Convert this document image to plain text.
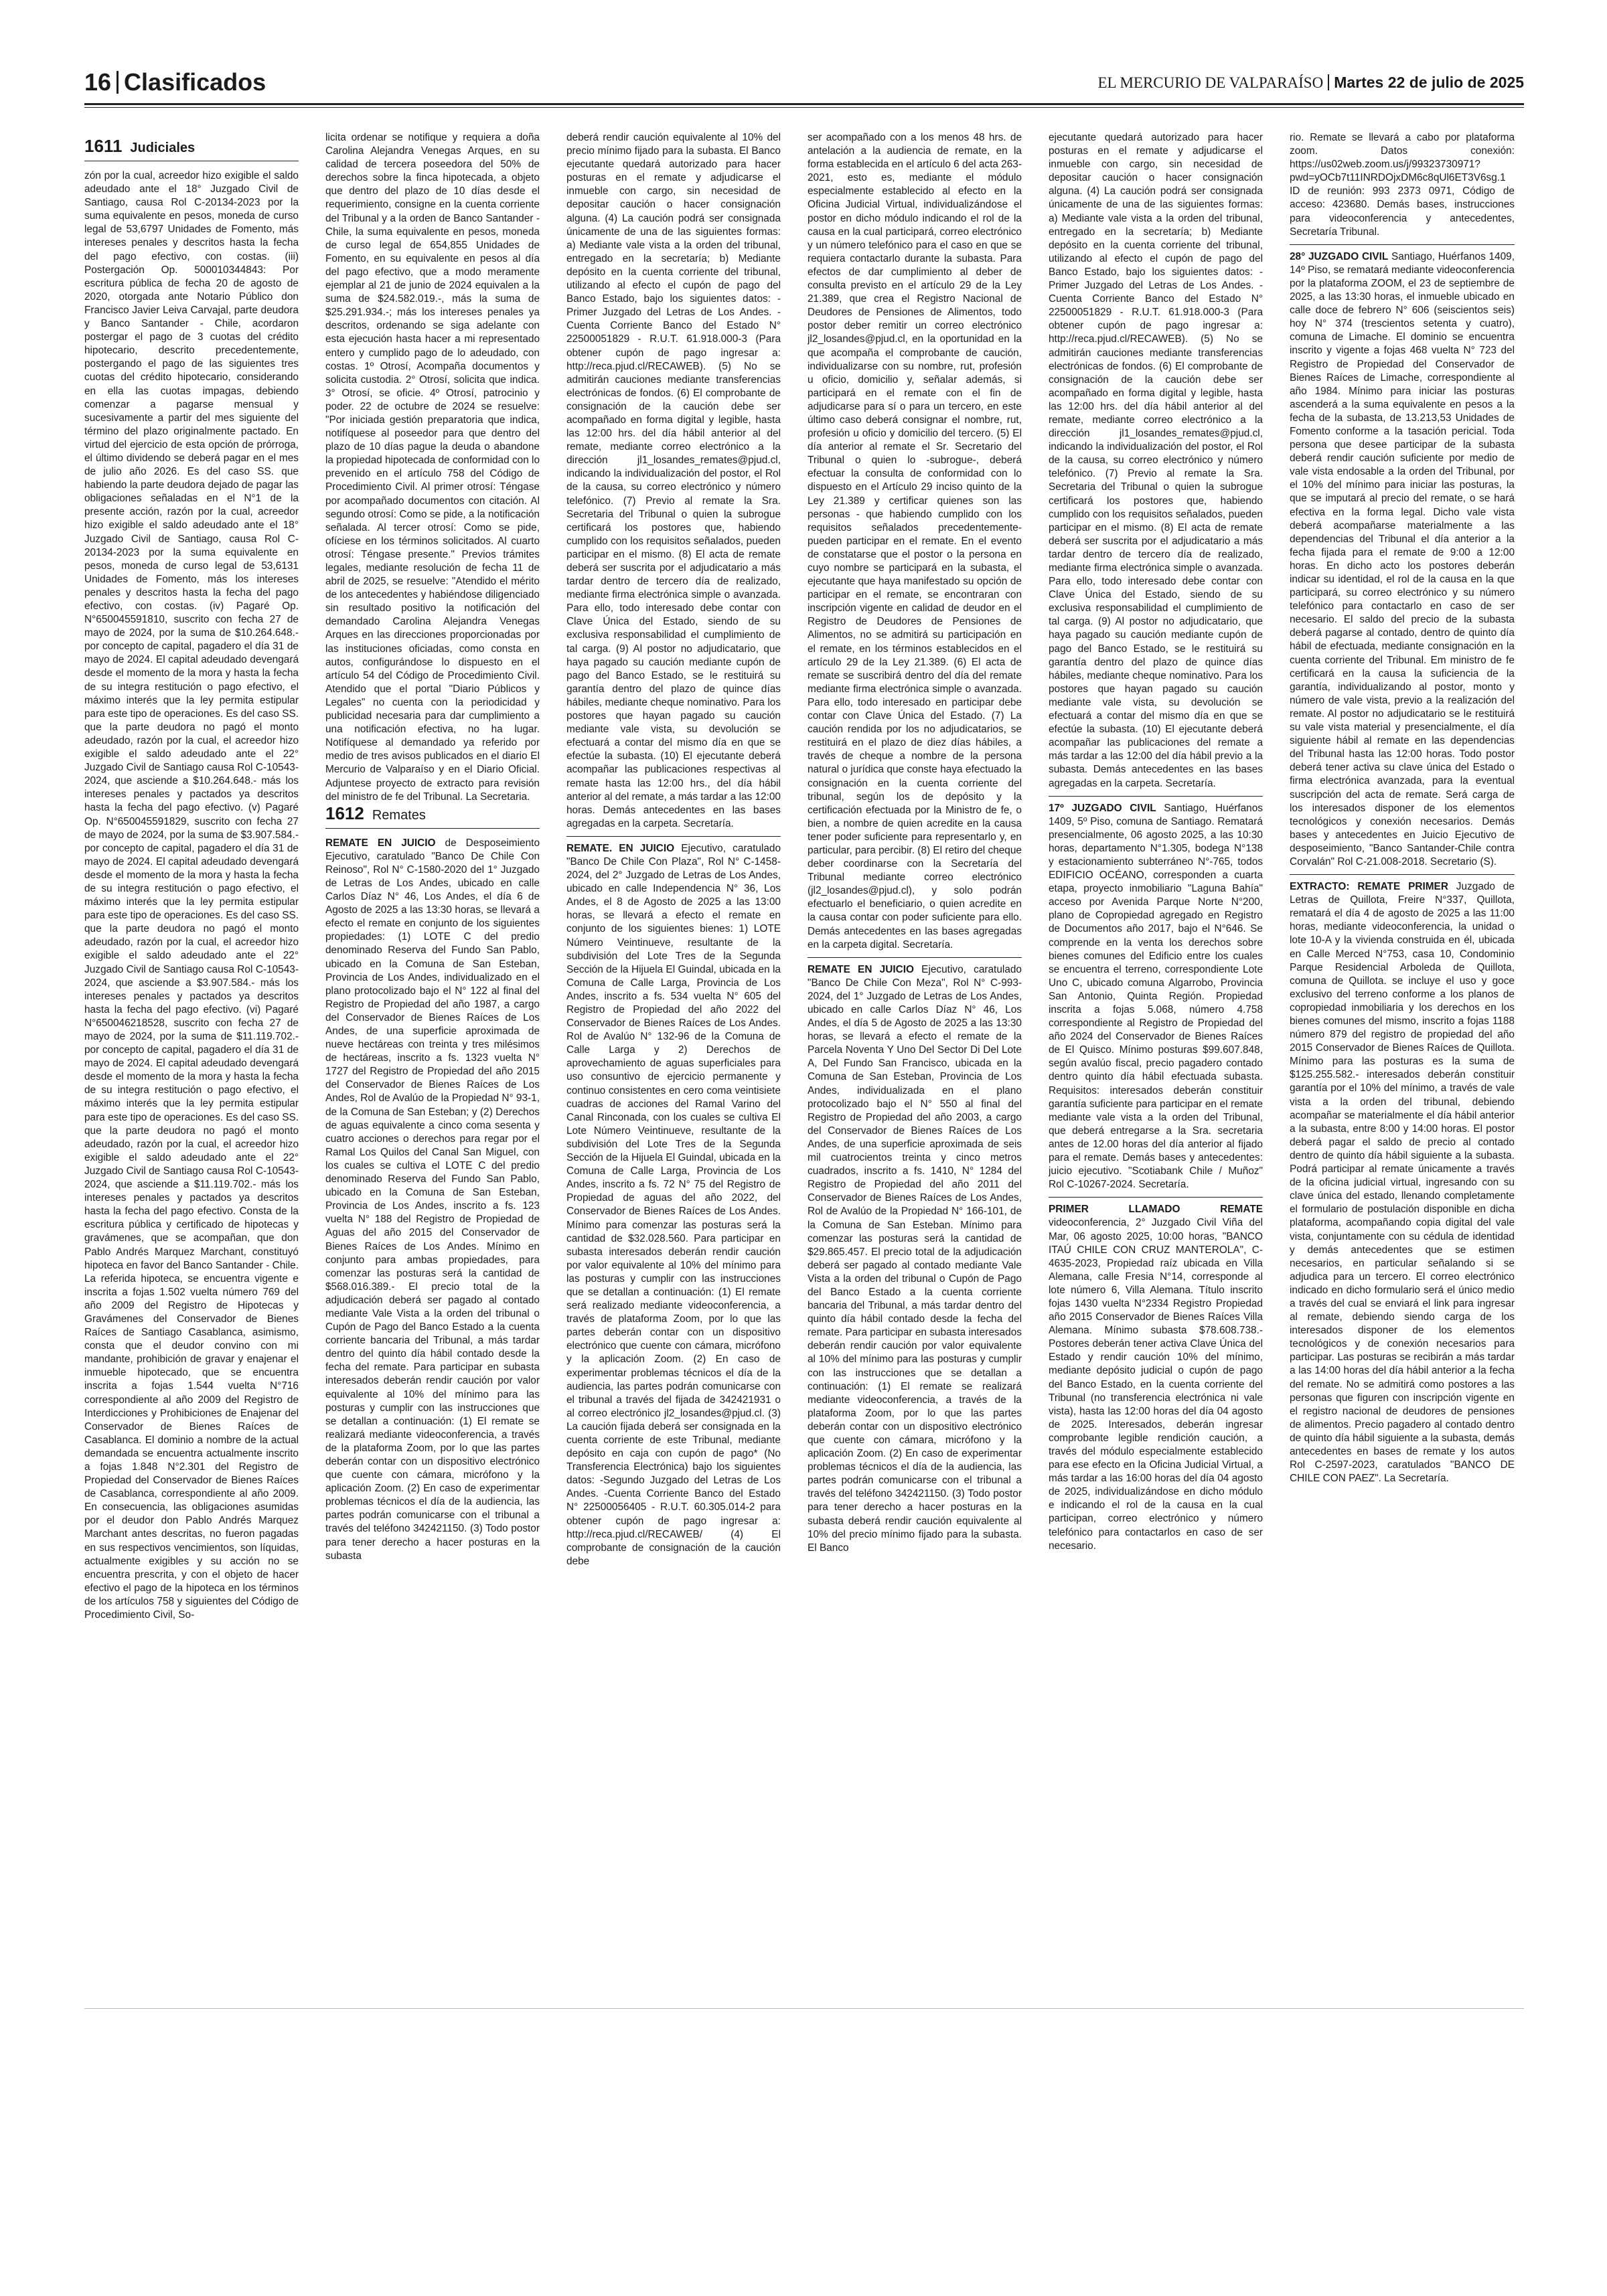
16 Clasificados	EL MERCURIO DE VALPARAÍSO Martes 22 de julio de 2025
1611 Judiciales

zón por la cual, acreedor hizo exigible el saldo adeudado ante el 18° Juzgado Civil de Santiago, causa Rol C-20134-2023 por la suma equivalente en pesos, moneda de curso legal de 53,6797 Unidades de Fomento, más intereses penales y descritos hasta la fecha del pago efectivo, con costas. (iii) Postergación Op. 500010344843: Por escritura pública de fecha 20 de agosto de 2020, otorgada ante Notario Público don Francisco Javier Leiva Carvajal, parte deudora y Banco Santander - Chile, acordaron postergar el pago de 3 cuotas del crédito hipotecario, descrito precedentemente, postergando el pago de las siguientes tres cuotas del crédito hipotecario, considerando en ella las cuotas impagas, debiendo comenzar a pagarse mensual y sucesivamente a partir del mes siguiente del término del plazo originalmente pactado. En virtud del ejercicio de esta opción de prórroga, el último dividendo se deberá pagar en el mes de julio año 2026. Es del caso SS. que habiendo la parte deudora dejado de pagar las obligaciones señaladas en el N°1 de la presente acción, razón por la cual, acreedor hizo exigible el saldo adeudado ante el 18° Juzgado Civil de Santiago, causa Rol C-20134-2023 por la suma equivalente en pesos, moneda de curso legal de 53,6131 Unidades de Fomento, más los intereses penales y descritos hasta la fecha del pago efectivo, con costas. (iv) Pagaré Op. N°650045591810, suscrito con fecha 27 de mayo de 2024, por la suma de $10.264.648.- por concepto de capital, pagadero el día 31 de mayo de 2024. El capital adeudado devengará desde el momento de la mora y hasta la fecha de su integra restitución o pago efectivo, el máximo interés que la ley permita estipular para este tipo de operaciones. Es del caso SS. que la parte deudora no pagó el monto adeudado, razón por la cual, el acreedor hizo exigible el saldo adeudado ante el 22° Juzgado Civil de Santiago causa Rol C-10543-2024, que asciende a $10.264.648.- más los intereses penales y pactados ya descritos hasta la fecha del pago efectivo. (v) Pagaré Op. N°650045591829, suscrito con fecha 27 de mayo de 2024, por la suma de $3.907.584.- por concepto de capital, pagadero el día 31 de mayo de 2024. El capital adeudado devengará desde el momento de la mora y hasta la fecha de su integra restitución o pago efectivo, el máximo interés que la ley permita estipular para este tipo de operaciones. Es del caso SS. que la parte deudora no pagó el monto adeudado, razón por la cual, el acreedor hizo exigible el saldo adeudado ante el 22° Juzgado Civil de Santiago causa Rol C-10543-2024, que asciende a $3.907.584.- más los intereses penales y pactados ya descritos hasta la fecha del pago efectivo. (vi) Pagaré N°650046218528, suscrito con fecha 27 de mayo de 2024, por la suma de $11.119.702.- por concepto de capital, pagadero el día 31 de mayo de 2024. El capital adeudado devengará desde el momento de la mora y hasta la fecha de su integra restitución o pago efectivo, el máximo interés que la ley permita estipular para este tipo de operaciones. Es del caso SS. que la parte deudora no pagó el monto adeudado, razón por la cual, el acreedor hizo exigible el saldo adeudado ante el 22° Juzgado Civil de Santiago causa Rol C-10543-2024, que asciende a $11.119.702.- más los intereses penales y pactados ya descritos hasta la fecha del pago efectivo. Consta de la escritura pública y certificado de hipotecas y gravámenes, que se acompañan, que don Pablo Andrés Marquez Marchant, constituyó hipoteca en favor del Banco Santander - Chile. La referida hipoteca, se encuentra vigente e inscrita a fojas 1.502 vuelta número 769 del año 2009 del Registro de Hipotecas y Gravámenes del Conservador de Bienes Raíces de Santiago Casablanca, asimismo, consta que el deudor convino con mi mandante, prohibición de gravar y enajenar el inmueble hipotecado, que se encuentra inscrita a fojas 1.544 vuelta N°716 correspondiente al año 2009 del Registro de Interdicciones y Prohibiciones de Enajenar del Conservador de Bienes Raíces de Casablanca. El dominio a nombre de la actual demandada se encuentra actualmente inscrito a fojas 1.848 N°2.301 del Registro de Propiedad del Conservador de Bienes Raíces de Casablanca, correspondiente al año 2009. En consecuencia, las obligaciones asumidas por el deudor don Pablo Andrés Marquez Marchant antes descritas, no fueron pagadas en sus respectivos vencimientos, son líquidas, actualmente exigibles y su acción no se encuentra prescrita, y con el objeto de hacer efectivo el pago de la hipoteca en los términos de los artículos 758 y siguientes del Código de Procedimiento Civil, So-

licita ordenar se notifique y requiera a doña Carolina Alejandra Venegas Arques, en su calidad de tercera poseedora del 50% de derechos sobre la finca hipotecada, a objeto que dentro del plazo de 10 días desde el requerimiento, consigne en la cuenta corriente del Tribunal y a la orden de Banco Santander - Chile, la suma equivalente en pesos, moneda de curso legal de 654,855 Unidades de Fomento, en su equivalente en pesos al día del pago efectivo, que a modo meramente ejemplar al 21 de junio de 2024 equivalen a la suma de $24.582.019.-, más la suma de $25.291.934.-; más los intereses penales ya descritos, ordenando se siga adelante con esta ejecución hasta hacer a mi representado entero y cumplido pago de lo adeudado, con costas. 1º Otrosí, Acompaña documentos y solicita custodia. 2° Otrosí, solicita que indica. 3° Otrosí, se oficie. 4º Otrosí, patrocinio y poder. 22 de octubre de 2024 se resuelve: "Por iniciada gestión preparatoria que indica, notifíquese al poseedor para que dentro del plazo de 10 días pague la deuda o abandone la propiedad hipotecada de conformidad con lo prevenido en el artículo 758 del Código de Procedimiento Civil. Al primer otrosí: Téngase por acompañado documentos con citación. Al segundo otrosí: Como se pide, a la notificación señalada. Al tercer otrosí: Como se pide, ofíciese en los términos solicitados. Al cuarto otrosí: Téngase presente." Previos trámites legales, mediante resolución de fecha 11 de abril de 2025, se resuelve: "Atendido el mérito de los antecedentes y habiéndose diligenciado sin resultado positivo la notificación del demandado Carolina Alejandra Venegas Arques en las direcciones proporcionadas por las instituciones oficiadas, como consta en autos, configurándose lo dispuesto en el artículo 54 del Código de Procedimiento Civil. Atendido que el portal "Diario Públicos y Legales" no cuenta con la periodicidad y publicidad necesaria para dar cumplimiento a una notificación efectiva, no ha lugar. Notifíquese al demandado ya referido por medio de tres avisos publicados en el diario El Mercurio de Valparaíso y en el Diario Oficial. Adjuntese proyecto de extracto para revisión del ministro de fe del Tribunal. La Secretaria.

1612 Remates

REMATE EN JUICIO de Desposeimiento Ejecutivo, caratulado "Banco De Chile Con Reinoso", Rol N° C-1580-2020 del 1° Juzgado de Letras de Los Andes, ubicado en calle Carlos Díaz N° 46, Los Andes, el día 6 de Agosto de 2025 a las 13:30 horas, se llevará a efecto el remate en conjunto de los siguientes propiedades: (1) LOTE C del predio denominado Reserva del Fundo San Pablo, ubicado en la Comuna de San Esteban, Provincia de Los Andes, individualizado en el plano protocolizado bajo el N° 122 al final del Registro de Propiedad del año 1987, a cargo del Conservador de Bienes Raíces de Los Andes, de una superficie aproximada de nueve hectáreas con treinta y tres milésimos de hectáreas, inscrito a fs. 1323 vuelta N° 1727 del Registro de Propiedad del año 2015 del Conservador de Bienes Raíces de Los Andes, Rol de Avalúo de la Propiedad N° 93-1, de la Comuna de San Esteban; y (2) Derechos de aguas equivalente a cinco coma sesenta y cuatro acciones o derechos para regar por el Ramal Los Quilos del Canal San Miguel, con los cuales se cultiva el LOTE C del predio denominado Reserva del Fundo San Pablo, ubicado en la Comuna de San Esteban, Provincia de Los Andes, inscrito a fs. 123 vuelta N° 188 del Registro de Propiedad de Aguas del año 2015 del Conservador de Bienes Raíces de Los Andes. Mínimo en conjunto para ambas propiedades, para comenzar las posturas será la cantidad de $568.016.389.- El precio total de la adjudicación deberá ser pagado al contado mediante Vale Vista a la orden del tribunal o Cupón de Pago del Banco Estado a la cuenta corriente bancaria del Tribunal, a más tardar dentro del quinto día hábil contado desde la fecha del remate. Para participar en subasta interesados deberán rendir caución por valor equivalente al 10% del mínimo para las posturas y cumplir con las instrucciones que se detallan a continuación: (1) El remate se realizará mediante videoconferencia, a través de la plataforma Zoom, por lo que las partes deberán contar con un dispositivo electrónico que cuente con cámara, micrófono y la aplicación Zoom. (2) En caso de experimentar problemas técnicos el día de la audiencia, las partes podrán comunicarse con el tribunal a través del teléfono 342421150. (3) Todo postor para tener derecho a hacer posturas en la subasta

deberá rendir caución equivalente al 10% del precio mínimo fijado para la subasta. El Banco ejecutante quedará autorizado para hacer posturas en el remate y adjudicarse el inmueble con cargo, sin necesidad de depositar caución o hacer consignación alguna. (4) La caución podrá ser consignada únicamente de una de las siguientes formas: a) Mediante vale vista a la orden del tribunal, entregado en la secretaría; b) Mediante depósito en la cuenta corriente del tribunal, utilizando al efecto el cupón de pago del Banco Estado, bajo los siguientes datos: -Primer Juzgado del Letras de Los Andes. -Cuenta Corriente Banco del Estado N° 22500051829 - R.U.T. 61.918.000-3 (Para obtener cupón de pago ingresar a: http://reca.pjud.cl/RECAWEB). (5) No se admitirán cauciones mediante transferencias electrónicas de fondos. (6) El comprobante de consignación de la caución debe ser acompañado en forma digital y legible, hasta las 12:00 hrs. del día hábil anterior al del remate, mediante correo electrónico a la dirección jl1_losandes_remates@pjud.cl, indicando la individualización del postor, el Rol de la causa, su correo electrónico y número telefónico. (7) Previo al remate la Sra. Secretaria del Tribunal o quien la subrogue certificará los postores que, habiendo cumplido con los requisitos señalados, pueden participar en el mismo. (8) El acta de remate deberá ser suscrita por el adjudicatario a más tardar dentro de tercero día de realizado, mediante firma electrónica simple o avanzada. Para ello, todo interesado debe contar con Clave Única del Estado, siendo de su exclusiva responsabilidad el cumplimiento de tal carga. (9) Al postor no adjudicatario, que haya pagado su caución mediante cupón de pago del Banco Estado, se le restituirá su garantía dentro del plazo de quince días hábiles, mediante cheque nominativo. Para los postores que hayan pagado su caución mediante vale vista, su devolución se efectuará a contar del mismo día en que se efectúe la subasta. (10) El ejecutante deberá acompañar las publicaciones respectivas al remate hasta las 12:00 hrs., del día hábil anterior al del remate, a más tardar a las 12:00 horas. Demás antecedentes en las bases agregadas en la carpeta. Secretaría.

REMATE. EN JUICIO Ejecutivo, caratulado "Banco De Chile Con Plaza", Rol N° C-1458-2024, del 2° Juzgado de Letras de Los Andes, ubicado en calle Independencia N° 36, Los Andes, el 8 de Agosto de 2025 a las 13:00 horas, se llevará a efecto el remate en conjunto de los siguientes bienes: 1) LOTE Número Veintinueve, resultante de la subdivisión del Lote Tres de la Segunda Sección de la Hijuela El Guindal, ubicada en la Comuna de Calle Larga, Provincia de Los Andes, inscrito a fs. 534 vuelta N° 605 del Registro de Propiedad del año 2022 del Conservador de Bienes Raíces de Los Andes. Rol de Avalúo N° 132-96 de la Comuna de Calle Larga y 2) Derechos de aprovechamiento de aguas superficiales para uso consuntivo de ejercicio permanente y continuo consistentes en cero coma veintisiete cuadras de acciones del Ramal Varino del Canal Rinconada, con los cuales se cultiva El Lote Número Veintinueve, resultante de la subdivisión del Lote Tres de la Segunda Sección de la Hijuela El Guindal, ubicada en la Comuna de Calle Larga, Provincia de Los Andes, inscrito a fs. 72 N° 75 del Registro de Propiedad de aguas del año 2022, del Conservador de Bienes Raíces de Los Andes. Mínimo para comenzar las posturas será la cantidad de $32.028.560. Para participar en subasta interesados deberán rendir caución por valor equivalente al 10% del mínimo para las posturas y cumplir con las instrucciones que se detallan a continuación: (1) El remate será realizado mediante videoconferencia, a través de plataforma Zoom, por lo que las partes deberán contar con un dispositivo electrónico que cuente con cámara, micrófono y la aplicación Zoom. (2) En caso de experimentar problemas técnicos el día de la audiencia, las partes podrán comunicarse con el tribunal a través del fijada de 342421931 o al correo electrónico jl2_losandes@pjud.cl. (3) La caución fijada deberá ser consignada en la cuenta corriente de este Tribunal, mediante depósito en caja con cupón de pago* (No Transferencia Electrónica) bajo los siguientes datos: -Segundo Juzgado del Letras de Los Andes. -Cuenta Corriente Banco del Estado N° 22500056405 - R.U.T. 60.305.014-2 para obtener cupón de pago ingresar a: http://reca.pjud.cl/RECAWEB/ (4) El comprobante de consignación de la caución debe

ser acompañado con a los menos 48 hrs. de antelación a la audiencia de remate, en la forma establecida en el artículo 6 del acta 263-2021, esto es, mediante el módulo especialmente establecido al efecto en la Oficina Judicial Virtual, individualizándose el postor en dicho módulo indicando el rol de la causa en la cual participará, correo electrónico y un número telefónico para el caso en que se requiera contactarlo durante la subasta. Para efectos de dar cumplimiento al deber de consulta previsto en el artículo 29 de la Ley 21.389, que crea el Registro Nacional de Deudores de Pensiones de Alimentos, todo postor deber remitir un correo electrónico jl2_losandes@pjud.cl, en la oportunidad en la que acompaña el comprobante de caución, individualizarse con su nombre, rut, profesión u oficio, domicilio y, señalar además, si participará en el remate con el fin de adjudicarse para sí o para un tercero, en este último caso deberá consignar el nombre, rut, profesión u oficio y domicilio del tercero. (5) El día anterior al remate el Sr. Secretario del Tribunal o quien lo -subrogue-, deberá efectuar la consulta de conformidad con lo dispuesto en el Artículo 29 inciso quinto de la Ley 21.389 y certificar quienes son las personas - que habiendo cumplido con los requisitos señalados precedentemente- pueden participar en el remate. En el evento de constatarse que el postor o la persona en cuyo nombre se participará en la subasta, el ejecutante que haya manifestado su opción de participar en el remate, se encontraran con inscripción vigente en calidad de deudor en el Registro de Deudores de Pensiones de Alimentos, no se admitirá su participación en el remate, en los términos establecidos en el artículo 29 de la Ley 21.389. (6) El acta de remate se suscribirá dentro del día del remate mediante firma electrónica simple o avanzada. Para ello, todo interesado en participar debe contar con Clave Única del Estado. (7) La caución rendida por los no adjudicatarios, se restituirá en el plazo de diez días hábiles, a través de cheque a nombre de la persona natural o jurídica que conste haya efectuado la consignación en la cuenta corriente del tribunal, según los de depósito y la certificación efectuada por la Ministro de fe, o bien, a nombre de quien acredite en la causa tener poder suficiente para representarlo y, en particular, para percibir. (8) El retiro del cheque deber coordinarse con la Secretaría del Tribunal mediante correo electrónico (jl2_losandes@pjud.cl), y solo podrán efectuarlo el beneficiario, o quien acredite en la causa contar con poder suficiente para ello. Demás antecedentes en las bases agregadas en la carpeta digital. Secretaría.

REMATE EN JUICIO Ejecutivo, caratulado "Banco De Chile Con Meza", Rol N° C-993-2024, del 1° Juzgado de Letras de Los Andes, ubicado en calle Carlos Díaz N° 46, Los Andes, el día 5 de Agosto de 2025 a las 13:30 horas, se llevará a efecto el remate de la Parcela Noventa Y Uno Del Sector Di Del Lote A, Del Fundo San Francisco, ubicada en la Comuna de San Esteban, Provincia de Los Andes, individualizada en el plano protocolizado bajo el N° 550 al final del Registro de Propiedad del año 2003, a cargo del Conservador de Bienes Raíces de Los Andes, de una superficie aproximada de seis mil cuatrocientos treinta y cinco metros cuadrados, inscrito a fs. 1410, N° 1284 del Registro de Propiedad del año 2011 del Conservador de Bienes Raíces de Los Andes, Rol de Avalúo de la Propiedad N° 166-101, de la Comuna de San Esteban. Mínimo para comenzar las posturas será la cantidad de $29.865.457. El precio total de la adjudicación deberá ser pagado al contado mediante Vale Vista a la orden del tribunal o Cupón de Pago del Banco Estado a la cuenta corriente bancaria del Tribunal, a más tardar dentro del quinto día hábil contado desde la fecha del remate. Para participar en subasta interesados deberán rendir caución por valor equivalente al 10% del mínimo para las posturas y cumplir con las instrucciones que se detallan a continuación: (1) El remate se realizará mediante videoconferencia, a través de la plataforma Zoom, por lo que las partes deberán contar con un dispositivo electrónico que cuente con cámara, micrófono y la aplicación Zoom. (2) En caso de experimentar problemas técnicos el día de la audiencia, las partes podrán comunicarse con el tribunal a través del teléfono 342421150. (3) Todo postor para tener derecho a hacer posturas en la subasta deberá rendir caución equivalente al 10% del precio mínimo fijado para la subasta. El Banco

ejecutante quedará autorizado para hacer posturas en el remate y adjudicarse el inmueble con cargo, sin necesidad de depositar caución o hacer consignación alguna. (4) La caución podrá ser consignada únicamente de una de las siguientes formas: a) Mediante vale vista a la orden del tribunal, entregado en la secretaría; b) Mediante depósito en la cuenta corriente del tribunal, utilizando al efecto el cupón de pago del Banco Estado, bajo los siguientes datos: -Primer Juzgado del Letras de Los Andes. -Cuenta Corriente Banco del Estado N° 22500051829 - R.U.T. 61.918.000-3 (Para obtener cupón de pago ingresar a: http://reca.pjud.cl/RECAWEB). (5) No se admitirán cauciones mediante transferencias electrónicas de fondos. (6) El comprobante de consignación de la caución debe ser acompañado en forma digital y legible, hasta las 12:00 hrs. del día hábil anterior al del remate, mediante correo electrónico a la dirección jl1_losandes_remates@pjud.cl, indicando la individualización del postor, el Rol de la causa, su correo electrónico y número telefónico. (7) Previo al remate la Sra. Secretaria del Tribunal o quien la subrogue certificará los postores que, habiendo cumplido con los requisitos señalados, pueden participar en el mismo. (8) El acta de remate deberá ser suscrita por el adjudicatario a más tardar dentro de tercero día de realizado, mediante firma electrónica simple o avanzada. Para ello, todo interesado debe contar con Clave Única del Estado, siendo de su exclusiva responsabilidad el cumplimiento de tal carga. (9) Al postor no adjudicatario, que haya pagado su caución mediante cupón de pago del Banco Estado, se le restituirá su garantía dentro del plazo de quince días hábiles, mediante cheque nominativo. Para los postores que hayan pagado su caución mediante vale vista, su devolución se efectuará a contar del mismo día en que se efectúe la subasta. (10) El ejecutante deberá acompañar las publicaciones del remate a más tardar a las 12:00 del día hábil previo a la subasta. Demás antecedentes en las bases agregadas en la carpeta. Secretaría.

17º JUZGADO CIVIL Santiago, Huérfanos 1409, 5º Piso, comuna de Santiago. Rematará presencialmente, 06 agosto 2025, a las 10:30 horas, departamento N°1.305, bodega N°138 y estacionamiento subterráneo N°-765, todos EDIFICIO OCÉANO, corresponden a cuarta etapa, proyecto inmobiliario "Laguna Bahía" acceso por Avenida Parque Norte N°200, plano de Copropiedad agregado en Registro de Documentos año 2017, bajo el N°646. Se comprende en la venta los derechos sobre bienes comunes del Edificio entre los cuales se encuentra el terreno, correspondiente Lote Uno C, ubicado comuna Algarrobo, Provincia San Antonio, Quinta Región. Propiedad inscrita a fojas 5.068, número 4.758 correspondiente al Registro de Propiedad del año 2024 del Conservador de Bienes Raíces de El Quisco. Mínimo posturas $99.607.848, según avalúo fiscal, precio pagadero contado dentro quinto día hábil efectuada subasta. Requisitos: interesados deberán constituir garantía suficiente para participar en el remate mediante vale vista a la orden del Tribunal, que deberá entregarse a la Sra. secretaria antes de 12.00 horas del día anterior al fijado para el remate. Demás bases y antecedentes: juicio ejecutivo. "Scotiabank Chile / Muñoz" Rol C-10267-2024. Secretaría.

PRIMER LLAMADO REMATE videoconferencia, 2° Juzgado Civil Viña del Mar, 06 agosto 2025, 10:00 horas, "BANCO ITAÚ CHILE CON CRUZ MANTEROLA", C-4635-2023, Propiedad raíz ubicada en Villa Alemana, calle Fresia N°14, corresponde al lote número 6, Villa Alemana. Título inscrito fojas 1430 vuelta N°2334 Registro Propiedad año 2015 Conservador de Bienes Raíces Villa Alemana. Mínimo subasta $78.608.738.- Postores deberán tener activa Clave Única del Estado y rendir caución 10% del mínimo, mediante depósito judicial o cupón de pago del Banco Estado, en la cuenta corriente del Tribunal (no transferencia electrónica ni vale vista), hasta las 12:00 horas del día 04 agosto de 2025. Interesados, deberán ingresar comprobante legible rendición caución, a través del módulo especialmente establecido para ese efecto en la Oficina Judicial Virtual, a más tardar a las 16:00 horas del día 04 agosto de 2025, individualizándose en dicho módulo e indicando el rol de la causa en la cual participan, correo electrónico y número telefónico para contactarlos en caso de ser necesario.

rio. Remate se llevará a cabo por plataforma zoom. Datos conexión: https://us02web.zoom.us/j/99323730971?pwd=yOCb7t11INRDOjxDM6c8qUl6ET3V6sg.1 ID de reunión: 993 2373 0971, Código de acceso: 423680. Demás bases, instrucciones para videoconferencia y antecedentes, Secretaría Tribunal.

28° JUZGADO CIVIL Santiago, Huérfanos 1409, 14º Piso, se rematará mediante videoconferencia por la plataforma ZOOM, el 23 de septiembre de 2025, a las 13:30 horas, el inmueble ubicado en calle doce de febrero N° 606 (seiscientos seis) hoy N° 374 (trescientos setenta y cuatro), comuna de Limache. El dominio se encuentra inscrito y vigente a fojas 468 vuelta N° 723 del Registro de Propiedad del Conservador de Bienes Raíces de Limache, correspondiente al año 1984. Mínimo para iniciar las posturas ascenderá a la suma equivalente en pesos a la fecha de la subasta, de 13.213,53 Unidades de Fomento conforme a la tasación pericial. Toda persona que desee participar de la subasta deberá rendir caución suficiente por medio de vale vista endosable a la orden del Tribunal, por el 10% del mínimo para iniciar las posturas, la que se imputará al precio del remate, o se hará efectiva en la forma legal. Dicho vale vista deberá acompañarse materialmente a las dependencias del Tribunal el día anterior a la fecha fijada para el remate de 9:00 a 12:00 horas. En dicho acto los postores deberán indicar su identidad, el rol de la causa en la que participará, su correo electrónico y su número telefónico para contactarlo en caso de ser necesario. El saldo del precio de la subasta deberá pagarse al contado, dentro de quinto día hábil de efectuada, mediante consignación en la cuenta corriente del Tribunal. Em ministro de fe certificará en la causa la suficiencia de la garantía, individualizando al postor, monto y número de vale vista, previo a la realización del remate. Al postor no adjudicatario se le restituirá su vale vista material y presencialmente, el día siguiente hábil al remate en las dependencias del Tribunal hasta las 12:00 horas. Todo postor deberá tener activa su clave única del Estado o firma electrónica avanzada, para la eventual suscripción del acta de remate. Será carga de los interesados disponer de los elementos tecnológicos y conexión necesarios. Demás bases y antecedentes en Juicio Ejecutivo de desposeimiento, "Banco Santander-Chile contra Corvalán" Rol C-21.008-2018. Secretario (S).

EXTRACTO: REMATE PRIMER Juzgado de Letras de Quillota, Freire N°337, Quillota, rematará el día 4 de agosto de 2025 a las 11:00 horas, mediante videoconferencia, la unidad o lote 10-A y la vivienda construida en él, ubicada en Calle Merced N°753, casa 10, Condominio Parque Residencial Arboleda de Quillota, comuna de Quillota. se incluye el uso y goce exclusivo del terreno conforme a los planos de copropiedad inmobiliaria y los derechos en los bienes comunes del mismo, inscrito a fojas 1188 número 879 del registro de propiedad del año 2015 Conservador de Bienes Raíces de Quillota. Mínimo para las posturas es la suma de $125.255.582.- interesados deberán constituir garantía por el 10% del mínimo, a través de vale vista a la orden del tribunal, debiendo acompañar se materialmente el día hábil anterior a la subasta, entre 8:00 y 14:00 horas. El postor deberá pagar el saldo de precio al contado dentro de quinto día hábil siguiente a la subasta. Podrá participar al remate únicamente a través de la oficina judicial virtual, ingresando con su clave única del estado, llenando completamente el formulario de postulación disponible en dicha plataforma, acompañando copia digital del vale vista, conjuntamente con su cédula de identidad y demás antecedentes que se estimen necesarios, en particular señalando si se adjudica para un tercero. El correo electrónico indicado en dicho formulario será el único medio a través del cual se enviará el link para ingresar al remate, debiendo siendo carga de los interesados disponer de los elementos tecnológicos y de conexión necesarios para participar. Las posturas se recibirán a más tardar a las 14:00 horas del día hábil anterior a la fecha del remate. No se admitirá como postores a las personas que figuren con inscripción vigente en el registro nacional de deudores de pensiones de alimentos. Precio pagadero al contado dentro de quinto día hábil siguiente a la subasta, demás antecedentes en bases de remate y los autos Rol C-2597-2023, caratulados "BANCO DE CHILE CON PAEZ". La Secretaría.
